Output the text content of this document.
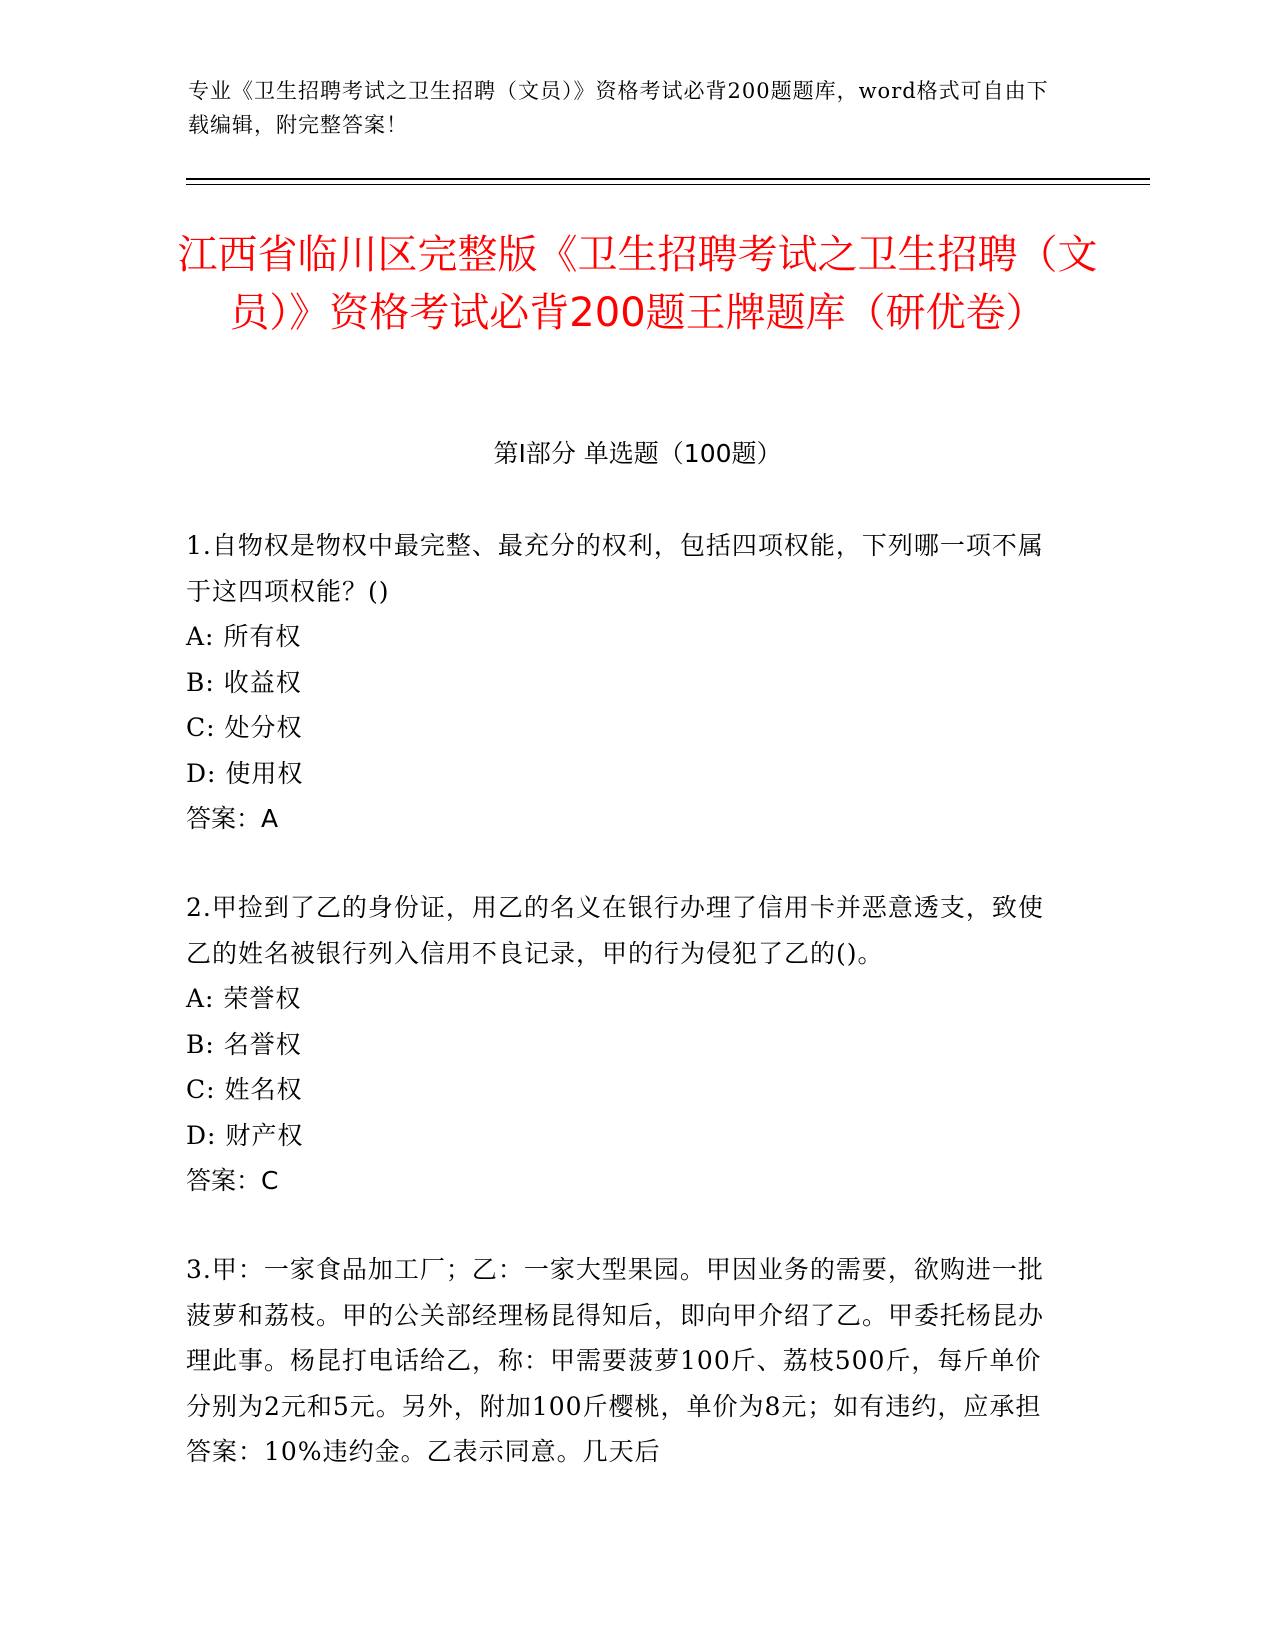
专业《卫生招聘考试之卫生招聘（文员）》资格考试必背200题题库，word格式可自由下载编辑，附完整答案！
江西省临川区完整版《卫生招聘考试之卫生招聘（文员）》资格考试必背200题王牌题库（研优卷）
第I部分 单选题（100题）

1.自物权是物权中最完整、最充分的权利，包括四项权能，下列哪一项不属于这四项权能？()

A: 所有权

B: 收益权

C: 处分权

D: 使用权

答案：A

2.甲捡到了乙的身份证，用乙的名义在银行办理了信用卡并恶意透支，致使乙的姓名被银行列入信用不良记录，甲的行为侵犯了乙的()。

A: 荣誉权

B: 名誉权

C: 姓名权

D: 财产权

答案：C

3.甲：一家食品加工厂；乙：一家大型果园。甲因业务的需要，欲购进一批菠萝和荔枝。甲的公关部经理杨昆得知后，即向甲介绍了乙。甲委托杨昆办理此事。杨昆打电话给乙，称：甲需要菠萝100斤、荔枝500斤，每斤单价分别为2元和5元。另外，附加100斤樱桃，单价为8元；如有违约，应承担答案：10%违约金。乙表示同意。几天后
